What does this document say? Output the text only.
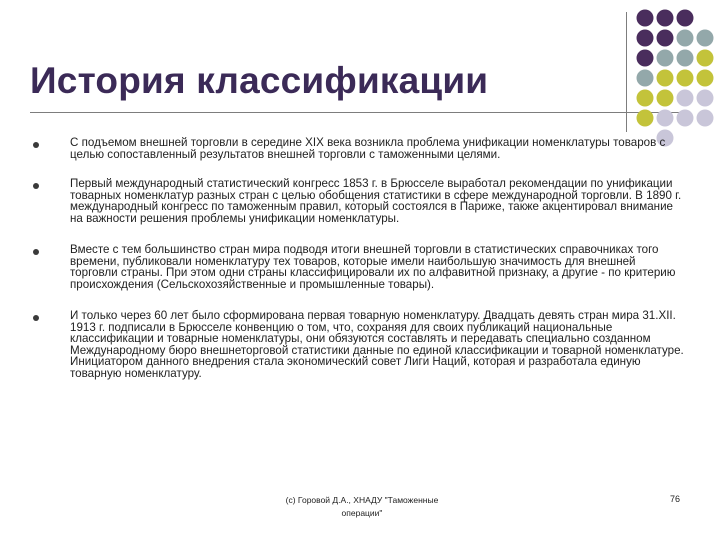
История классификации
С подъемом внешней торговли в середине XIX века возникла проблема унификации номенклатуры товаров с целью сопоставленный результатов внешней торговли с таможенными целями.
Первый международный статистический конгресс 1853 г. в Брюсселе выработал рекомендации по унификации товарных номенклатур разных стран с целью обобщения статистики в сфере международной торговли. В 1890 г. международный конгресс по таможенным правил, который состоялся в Париже, также акцентировал внимание на важности решения проблемы унификации номенклатуры.
Вместе с тем большинство стран мира подводя итоги внешней торговли в статистических справочниках того времени, публиковали номенклатуру тех товаров, которые имели наибольшую значимость для внешней торговли страны. При этом одни страны классифицировали их по алфавитной признаку, а другие - по критерию происхождения (Сельскохозяйственные и промышленные товары).
И только через 60 лет было сформирована первая товарную номенклатуру. Двадцать девять стран мира 31.XII. 1913 г. подписали в Брюсселе конвенцию о том, что, сохраняя для своих публикаций национальные классификации и товарные номенклатуры, они обязуются составлять и передавать специально созданном Международному бюро внешнеторговой статистики данные по единой классификации и товарной номенклатуре. Инициатором данного внедрения стала экономический совет Лиги Наций, которая и разработала единую товарную номенклатуру.
(c) Горовой Д.А., ХНАДУ "Таможенные операции"
76
